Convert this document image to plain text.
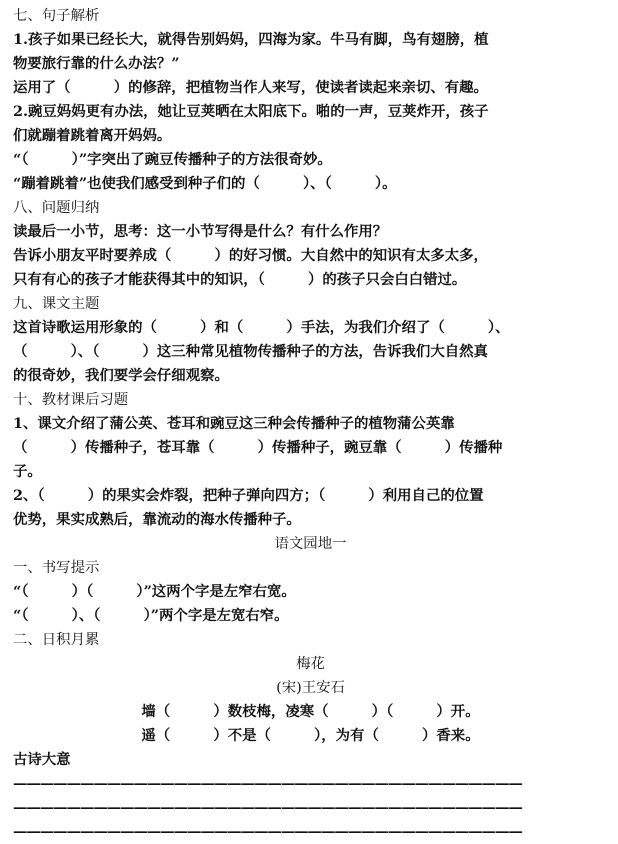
七、句子解析
1.孩子如果已经长大，就得告别妈妈，四海为家。牛马有脚，鸟有翅膀，植
物要旅行靠的什么办法？”
运用了（　　　）的修辞，把植物当作人来写，使读者读起来亲切、有趣。
2.豌豆妈妈更有办法，她让豆荚晒在太阳底下。啪的一声，豆荚炸开，孩子
们就蹦着跳着离开妈妈。
“（　　　）”字突出了豌豆传播种子的方法很奇妙。
“蹦着跳着”也使我们感受到种子们的（　　　）、（　　　）。
八、问题归纳
读最后一小节，思考：这一小节写得是什么？有什么作用？
告诉小朋友平时要养成（　　　）的好习惯。大自然中的知识有太多太多，
只有有心的孩子才能获得其中的知识，（　　　）的孩子只会白白错过。
九、课文主题
这首诗歌运用形象的（　　　）和（　　　）手法，为我们介绍了（　　　）、
（　　　）、（　　　）这三种常见植物传播种子的方法，告诉我们大自然真
的很奇妙，我们要学会仔细观察。
十、教材课后习题
1、课文介绍了蒲公英、苍耳和豌豆这三种会传播种子的植物蒲公英靠
（　　　）传播种子，苍耳靠（　　　）传播种子，豌豆靠（　　　）传播种
子。
2、（　　　）的果实会炸裂，把种子弹向四方；（　　　）利用自己的位置
优势，果实成熟后，靠流动的海水传播种子。
语文园地一
一、书写提示
“（　　　）（　　　）”这两个字是左窄右宽。
“（　　　）、（　　　）”两个字是左宽右窄。
二、日积月累
梅花
(宋)王安石
墙（　　　）数枝梅，凌寒（　　　）（　　　）开。
遥（　　　）不是（　　　），为有（　　　）香来。
古诗大意
——————————————————————————————————————
——————————————————————————————————————
——————————————————————————————————————
